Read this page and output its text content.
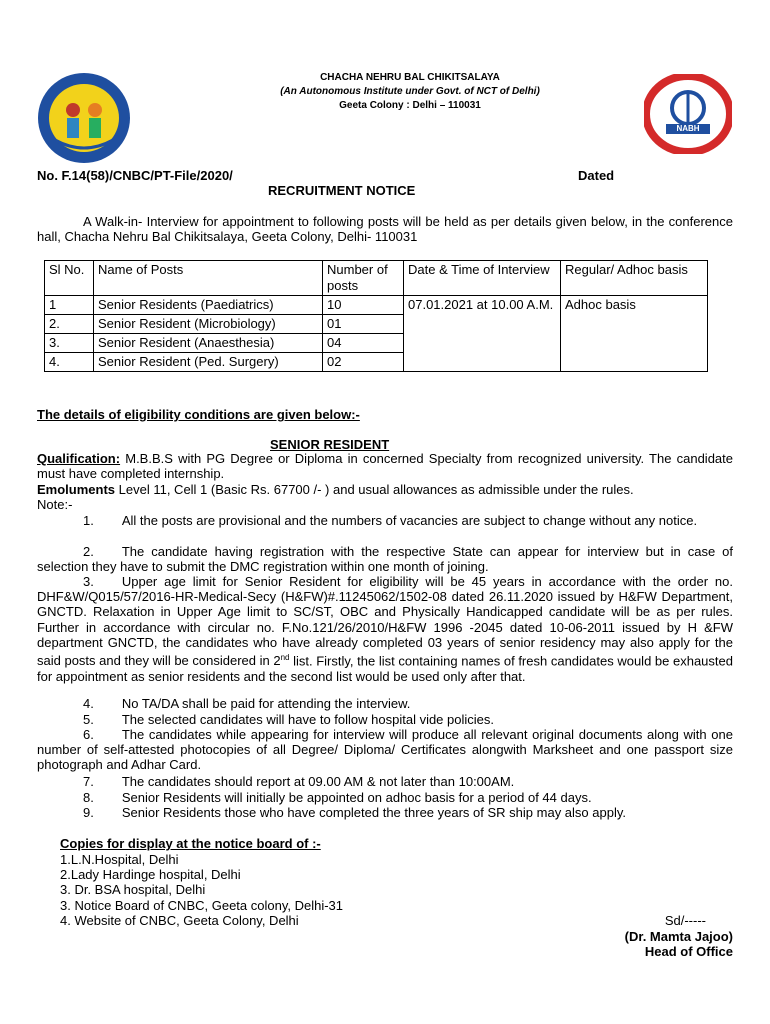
CHACHA NEHRU BAL CHIKITSALAYA
(An Autonomous Institute under Govt. of NCT of Delhi)
Geeta Colony : Delhi – 110031
NABH
No. F.14(58)/CNBC/PT-File/2020/	Dated
RECRUITMENT NOTICE
A Walk-in- Interview for appointment to following posts will be held as per details given below, in the conference hall, Chacha Nehru Bal Chikitsalaya, Geeta Colony, Delhi- 110031
Sl No.	Name of Posts	Number of posts	Date & Time of Interview	Regular/ Adhoc basis
1	Senior Residents (Paediatrics)	10	07.01.2021 at 10.00 A.M.	Adhoc basis
2.	Senior Resident (Microbiology)	01		
3.	Senior Resident (Anaesthesia)	04		
4.	Senior Resident (Ped. Surgery)	02		
The details of eligibility conditions are given below:-
SENIOR RESIDENT
Qualification: M.B.B.S with PG Degree or Diploma in concerned Specialty from recognized university. The candidate must have completed internship.
Emoluments Level 11, Cell 1 (Basic Rs. 67700 /- ) and usual allowances as admissible under the rules.
Note:-
1. All the posts are provisional and the numbers of vacancies are subject to change without any notice.
2. The candidate having registration with the respective State can appear for interview but in case of selection they have to submit the DMC registration within one month of joining.
3. Upper age limit for Senior Resident for eligibility will be 45 years in accordance with the order no. DHF&W/Q015/57/2016-HR-Medical-Secy (H&FW)#.11245062/1502-08 dated 26.11.2020 issued by H&FW Department, GNCTD. Relaxation in Upper Age limit to SC/ST, OBC and Physically Handicapped candidate will be as per rules. Further in accordance with circular no. F.No.121/26/2010/H&FW 1996 -2045 dated 10-06-2011 issued by H &FW department GNCTD, the candidates who have already completed 03 years of senior residency may also apply for the said posts and they will be considered in 2nd list. Firstly, the list containing names of fresh candidates would be exhausted for appointment as senior residents and the second list would be used only after that.
4. No TA/DA shall be paid for attending the interview.
5. The selected candidates will have to follow hospital vide policies.
6. The candidates while appearing for interview will produce all relevant original documents along with one number of self-attested photocopies of all Degree/ Diploma/ Certificates alongwith Marksheet and one passport size photograph and Adhar Card.
7. The candidates should report at 09.00 AM & not later than 10:00AM.
8. Senior Residents will initially be appointed on adhoc basis for a period of 44 days.
9. Senior Residents those who have completed the three years of SR ship may also apply.
Copies for display at the notice board of :-
1.L.N.Hospital, Delhi
2.Lady Hardinge hospital, Delhi
3. Dr. BSA hospital, Delhi
3. Notice Board of CNBC, Geeta colony, Delhi-31
4. Website of CNBC, Geeta Colony, Delhi	Sd/-----
(Dr. Mamta Jajoo)
Head of Office
